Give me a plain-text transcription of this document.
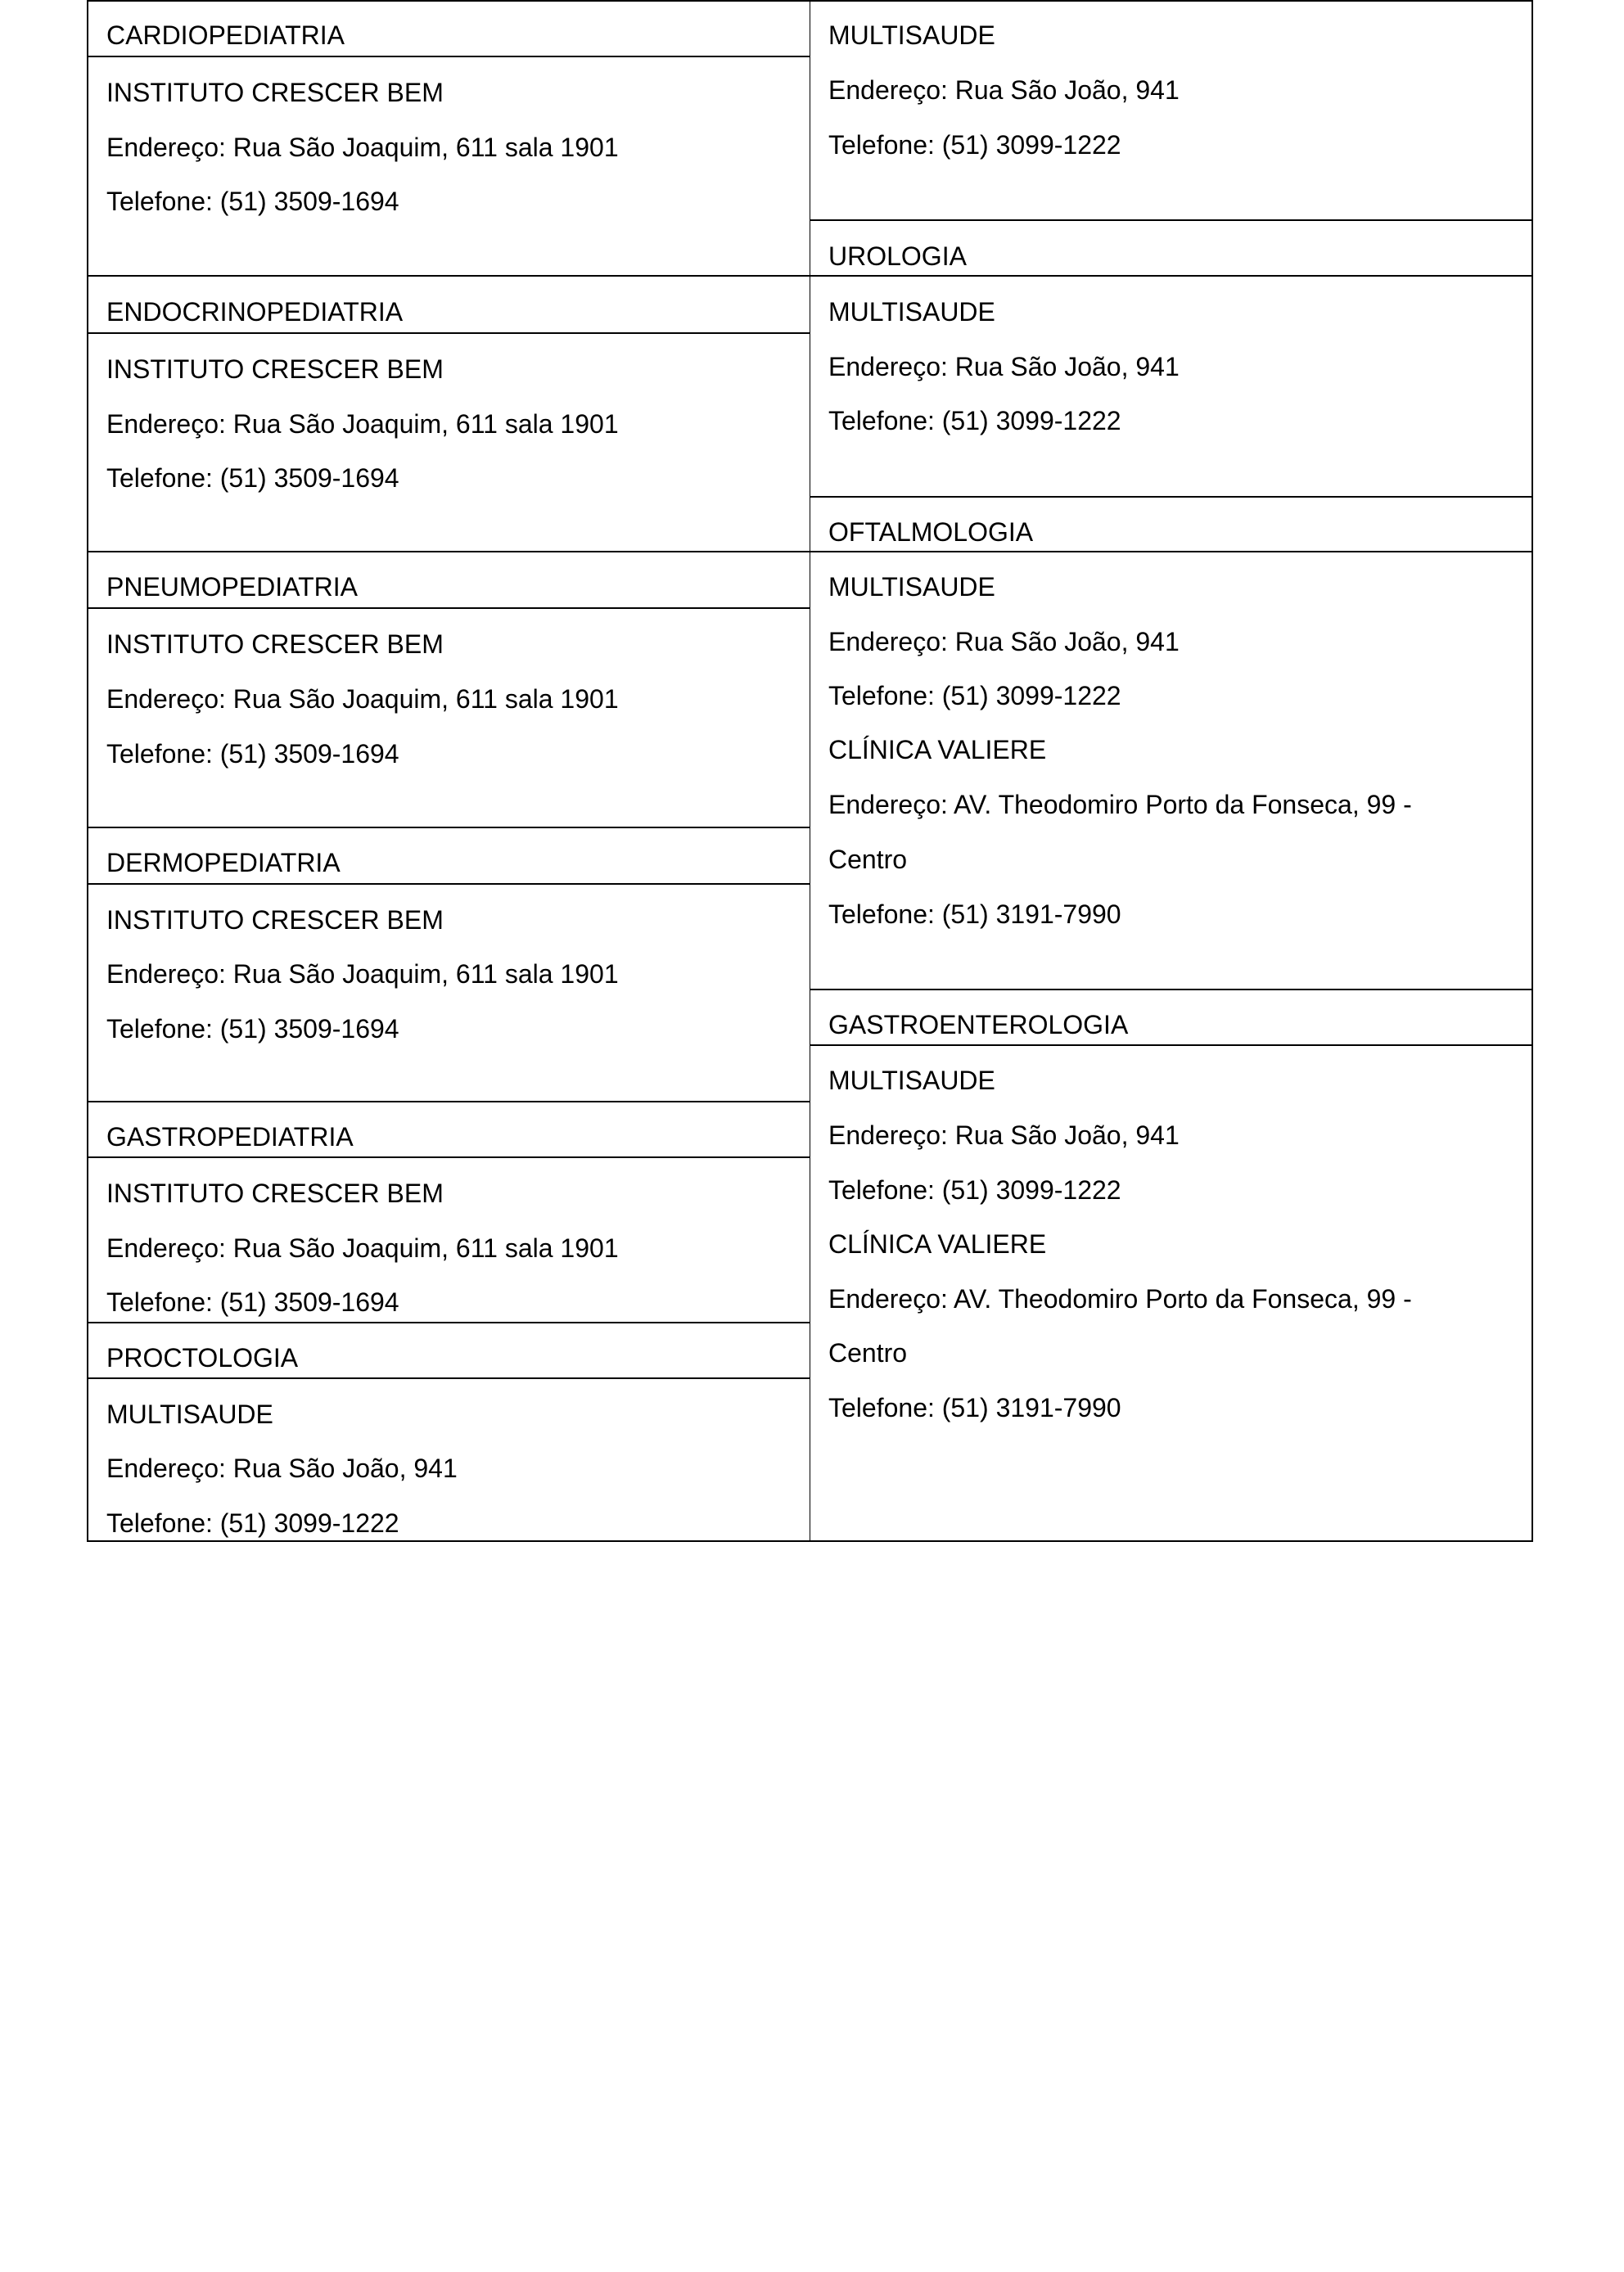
CARDIOPEDIATRIA
INSTITUTO CRESCER BEM
Endereço: Rua São Joaquim, 611 sala 1901
Telefone: (51) 3509-1694
ENDOCRINOPEDIATRIA
INSTITUTO CRESCER BEM
Endereço: Rua São Joaquim, 611 sala 1901
Telefone: (51) 3509-1694
PNEUMOPEDIATRIA
INSTITUTO CRESCER BEM
Endereço: Rua São Joaquim, 611 sala 1901
Telefone: (51) 3509-1694
DERMOPEDIATRIA
INSTITUTO CRESCER BEM
Endereço: Rua São Joaquim, 611 sala 1901
Telefone: (51) 3509-1694
GASTROPEDIATRIA
INSTITUTO CRESCER BEM
Endereço: Rua São Joaquim, 611 sala 1901
Telefone: (51) 3509-1694
PROCTOLOGIA
MULTISAUDE
Endereço: Rua São João, 941
Telefone: (51) 3099-1222
MULTISAUDE
Endereço: Rua São João, 941
Telefone: (51) 3099-1222
UROLOGIA
MULTISAUDE
Endereço: Rua São João, 941
Telefone: (51) 3099-1222
OFTALMOLOGIA
MULTISAUDE
Endereço: Rua São João, 941
Telefone: (51) 3099-1222
CLÍNICA VALIERE
Endereço: AV. Theodomiro Porto da Fonseca, 99 -
Centro
Telefone: (51) 3191-7990
GASTROENTEROLOGIA
MULTISAUDE
Endereço: Rua São João, 941
Telefone: (51) 3099-1222
CLÍNICA VALIERE
Endereço: AV. Theodomiro Porto da Fonseca, 99 -
Centro
Telefone: (51) 3191-7990
